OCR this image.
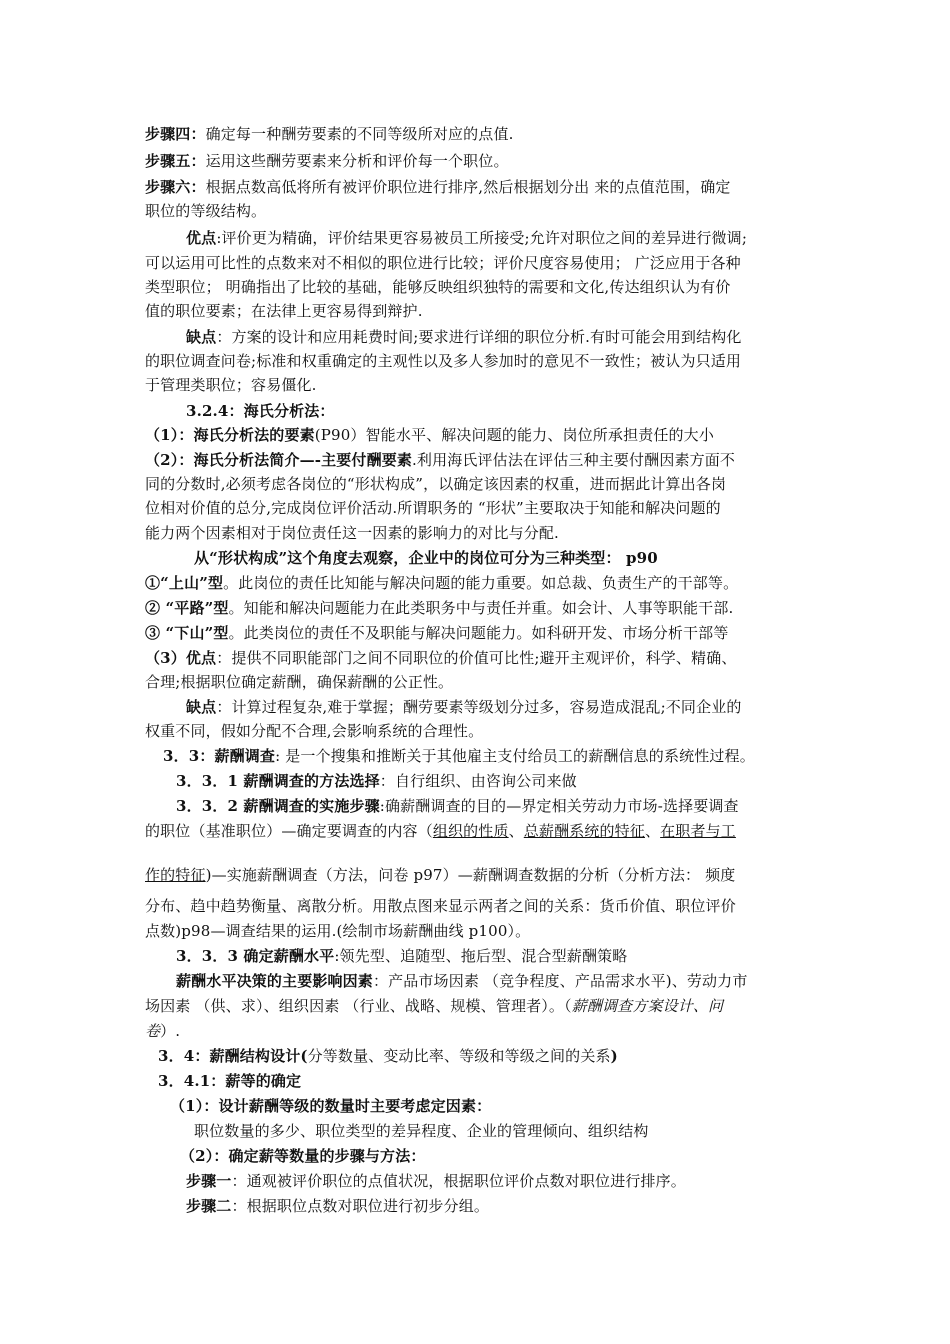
步骤四：确定每一种酬劳要素的不同等级所对应的点值.
步骤五：运用这些酬劳要素来分析和评价每一个职位。
步骤六：根据点数高低将所有被评价职位进行排序,然后根据划分出 来的点值范围，确定
职位的等级结构。
优点:评价更为精确，评价结果更容易被员工所接受;允许对职位之间的差异进行微调;
可以运用可比性的点数来对不相似的职位进行比较；评价尺度容易使用； 广泛应用于各种
类型职位； 明确指出了比较的基础，能够反映组织独特的需要和文化,传达组织认为有价
值的职位要素；在法律上更容易得到辩护.
缺点：方案的设计和应用耗费时间;要求进行详细的职位分析.有时可能会用到结构化
的职位调查问卷;标准和权重确定的主观性以及多人参加时的意见不一致性；被认为只适用
于管理类职位；容易僵化.
3.2.4：海氏分析法：
（1）：海氏分析法的要素(P90）智能水平、解决问题的能力、岗位所承担责任的大小
（2）：海氏分析法简介—-主要付酬要素.利用海氏评估法在评估三种主要付酬因素方面不
同的分数时,必须考虑各岗位的“形状构成”，以确定该因素的权重，进而据此计算出各岗
位相对价值的总分,完成岗位评价活动.所谓职务的 “形状”主要取决于知能和解决问题的
能力两个因素相对于岗位责任这一因素的影响力的对比与分配.
从“形状构成”这个角度去观察，企业中的岗位可分为三种类型： p90
①“上山”型。此岗位的责任比知能与解决问题的能力重要。如总裁、负责生产的干部等。
② “平路”型。知能和解决问题能力在此类职务中与责任并重。如会计、人事等职能干部.
③ “下山”型。此类岗位的责任不及职能与解决问题能力。如科研开发、市场分析干部等
（3）优点：提供不同职能部门之间不同职位的价值可比性;避开主观评价，科学、精确、
合理;根据职位确定薪酬，确保薪酬的公正性。
缺点：计算过程复杂,难于掌握；酬劳要素等级划分过多，容易造成混乱;不同企业的
权重不同，假如分配不合理,会影响系统的合理性。
3．3：薪酬调查: 是一个搜集和推断关于其他雇主支付给员工的薪酬信息的系统性过程。
3．3．1 薪酬调查的方法选择：自行组织、由咨询公司来做
3．3．2 薪酬调查的实施步骤:确薪酬调查的目的—界定相关劳动力市场-选择要调查
的职位（基准职位）—确定要调查的内容（组织的性质、总薪酬系统的特征、在职者与工
作的特征)—实施薪酬调查（方法，问卷 p97）—薪酬调查数据的分析（分析方法： 频度
分布、趋中趋势衡量、离散分析。用散点图来显示两者之间的关系：货币价值、职位评价
点数)p98—调查结果的运用.(绘制市场薪酬曲线 p100）。
3．3．3 确定薪酬水平:领先型、追随型、拖后型、混合型薪酬策略
薪酬水平决策的主要影响因素：产品市场因素 （竞争程度、产品需求水平)、劳动力市
场因素 （供、求）、组织因素 （行业、战略、规模、管理者）。（薪酬调查方案设计、问
卷）.
3．4：薪酬结构设计(分等数量、变动比率、等级和等级之间的关系)
3．4.1：薪等的确定
（1）：设计薪酬等级的数量时主要考虑定因素：
职位数量的多少、职位类型的差异程度、企业的管理倾向、组织结构
（2）：确定薪等数量的步骤与方法：
步骤一：通观被评价职位的点值状况，根据职位评价点数对职位进行排序。
步骤二：根据职位点数对职位进行初步分组。
